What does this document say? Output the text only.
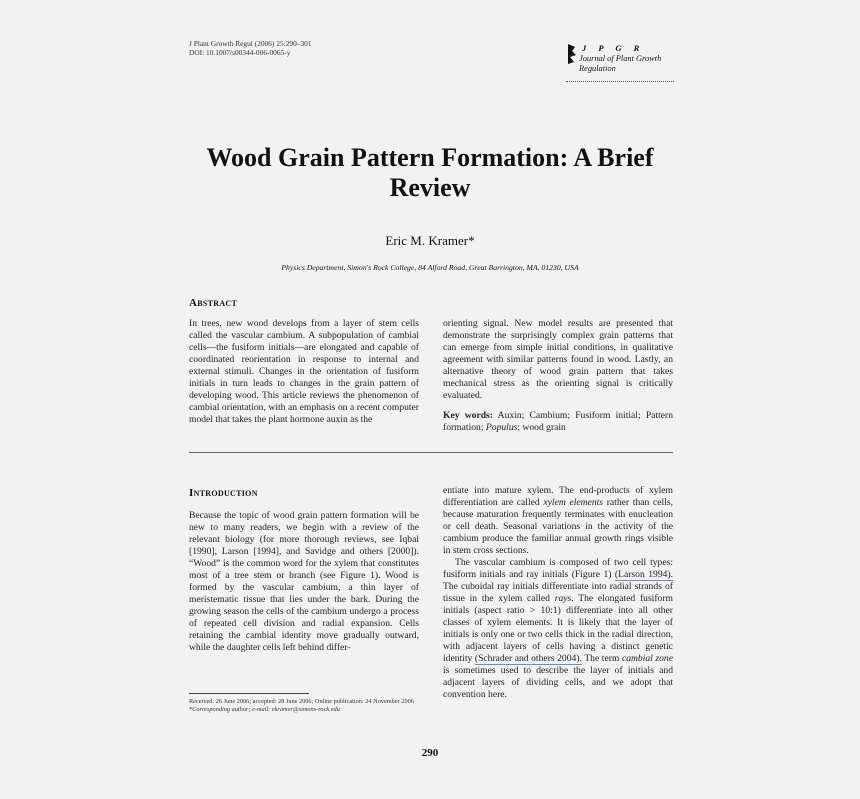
J Plant Growth Regul (2006) 25:290–301
DOI: 10.1007/s00344-006-0065-y	J P G R
Journal of Plant Growth
Regulation
Wood Grain Pattern Formation: A Brief Review
Eric M. Kramer*
Physics Department, Simon's Rock College, 84 Alford Road, Great Barrington, MA, 01230, USA
Abstract

In trees, new wood develops from a layer of stem cells called the vascular cambium. A subpopulation of cambial cells—the fusiform initials—are elongated and capable of coordinated reorientation in response to internal and external stimuli. Changes in the orientation of fusiform initials in turn leads to changes in the grain pattern of developing wood. This article reviews the phenomenon of cambial orientation, with an emphasis on a recent computer model that takes the plant hormone auxin as the

orienting signal. New model results are presented that demonstrate the surprisingly complex grain patterns that can emerge from simple initial conditions, in qualitative agreement with similar patterns found in wood. Lastly, an alternative theory of wood grain pattern that takes mechanical stress as the orienting signal is critically evaluated.

Key words: Auxin; Cambium; Fusiform initial; Pattern formation; Populus; wood grain

Introduction

Because the topic of wood grain pattern formation will be new to many readers, we begin with a review of the relevant biology (for more thorough reviews, see Iqbal [1990], Larson [1994], and Savidge and others [2000]). “Wood” is the common word for the xylem that constitutes most of a tree stem or branch (see Figure 1). Wood is formed by the vascular cambium, a thin layer of meristematic tissue that lies under the bark. During the growing season the cells of the cambium undergo a process of repeated cell division and radial expansion. Cells retaining the cambial identity move gradually outward, while the daughter cells left behind differ-

entiate into mature xylem. The end-products of xylem differentiation are called xylem elements rather than cells, because maturation frequently terminates with enucleation or cell death. Seasonal variations in the activity of the cambium produce the familiar annual growth rings visible in stem cross sections.

The vascular cambium is composed of two cell types: fusiform initials and ray initials (Figure 1) (Larson 1994). The cuboidal ray initials differentiate into radial strands of tissue in the xylem called rays. The elongated fusiform initials (aspect ratio > 10:1) differentiate into all other classes of xylem elements. It is likely that the layer of initials is only one or two cells thick in the radial direction, with adjacent layers of cells having a distinct genetic identity (Schrader and others 2004). The term cambial zone is sometimes used to describe the layer of initials and adjacent layers of dividing cells, and we adopt that convention here.

Received: 26 June 2006; accepted: 28 June 2006; Online publication: 24 November 2006
*Corresponding author; e-mail: ekramer@simons-rock.edu
290
